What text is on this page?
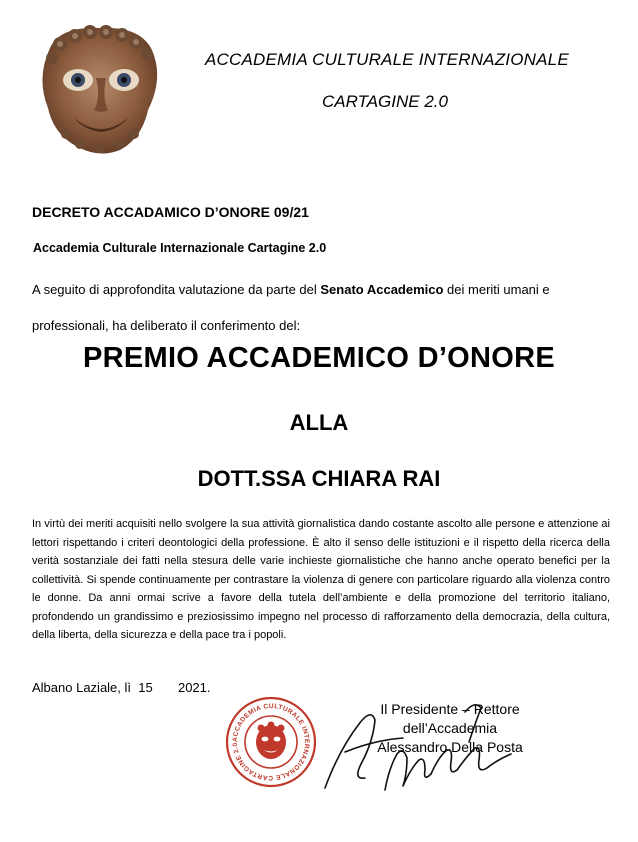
ACCADEMIA CULTURALE INTERNAZIONALE
CARTAGINE 2.0
DECRETO ACCADAMICO D’ONORE 09/21
Accademia Culturale Internazionale Cartagine 2.0
A seguito di approfondita valutazione da parte del Senato Accademico dei meriti umani e professionali, ha deliberato il conferimento del:
PREMIO ACCADEMICO D’ONORE
ALLA
DOTT.SSA CHIARA RAI
In virtù dei meriti acquisiti nello svolgere la sua attività giornalistica dando costante ascolto alle persone e attenzione ai lettori rispettando i criteri deontologici della professione. È alto il senso delle istituzioni e il rispetto della ricerca della verità sostanziale dei fatti nella stesura delle varie inchieste giornalistiche che hanno anche operato benefici per la collettività. Si spende continuamente per contrastare la violenza di genere con particolare riguardo alla violenza contro le donne. Da anni ormai scrive a favore della tutela dell’ambiente e della promozione del territorio italiano, profondendo un grandissimo e preziosissimo impegno nel processo di rafforzamento della democrazia, della cultura, della liberta, della sicurezza e della pace tra i popoli.
Albano Laziale, lì  15       2021.
ACCADEMIA CULTURALE INTERNAZIONALE CARTAGINE 2.0
Il Presidente – Rettore
dell’Accademia
Alessandro Della Posta
